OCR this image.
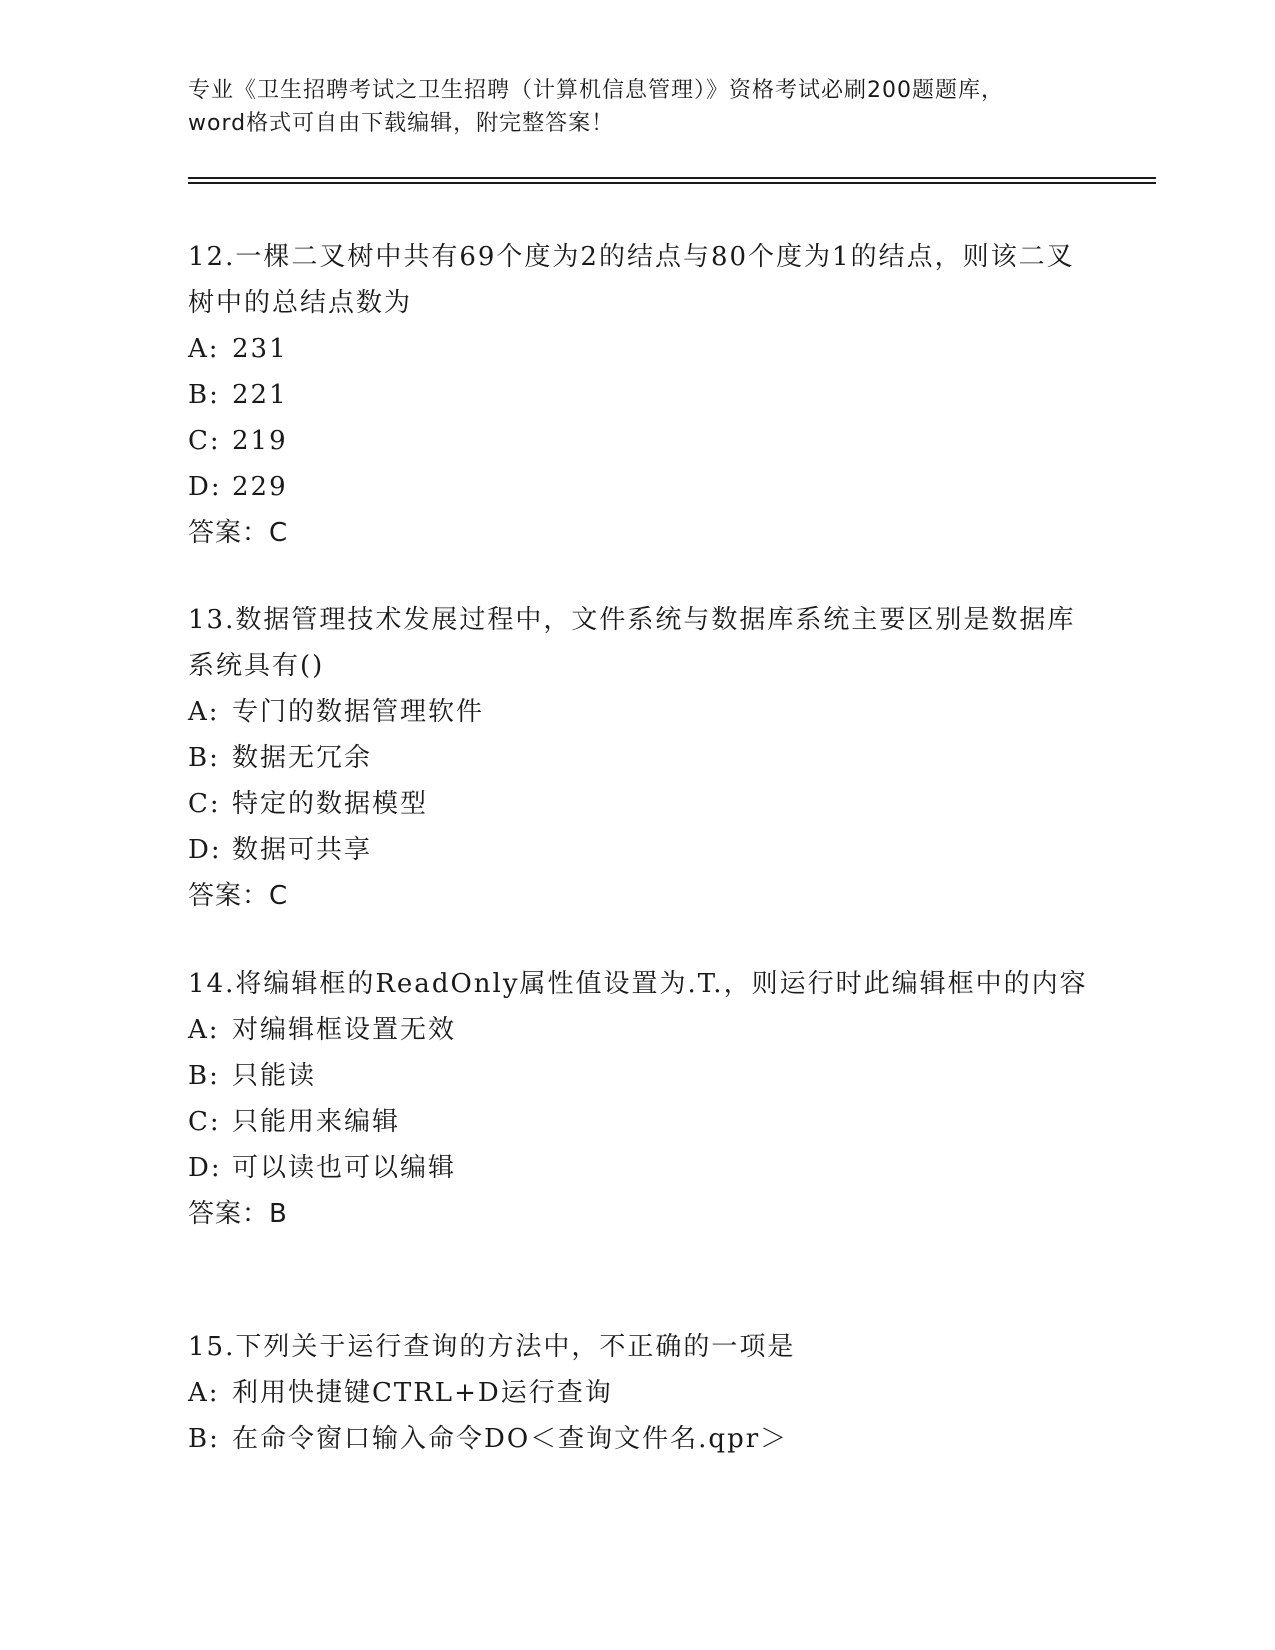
专业《卫生招聘考试之卫生招聘（计算机信息管理）》资格考试必刷200题题库，
word格式可自由下载编辑，附完整答案！
12.一棵二叉树中共有69个度为2的结点与80个度为1的结点，则该二叉树中的总结点数为
A: 231
B: 221
C: 219
D: 229
答案：C
13.数据管理技术发展过程中，文件系统与数据库系统主要区别是数据库系统具有()
A: 专门的数据管理软件
B: 数据无冗余
C: 特定的数据模型
D: 数据可共享
答案：C
14.将编辑框的ReadOnly属性值设置为.T.，则运行时此编辑框中的内容
A: 对编辑框设置无效
B: 只能读
C: 只能用来编辑
D: 可以读也可以编辑
答案：B
15.下列关于运行查询的方法中，不正确的一项是
A: 利用快捷键CTRL+D运行查询
B: 在命令窗口输入命令DO＜查询文件名.qpr＞
